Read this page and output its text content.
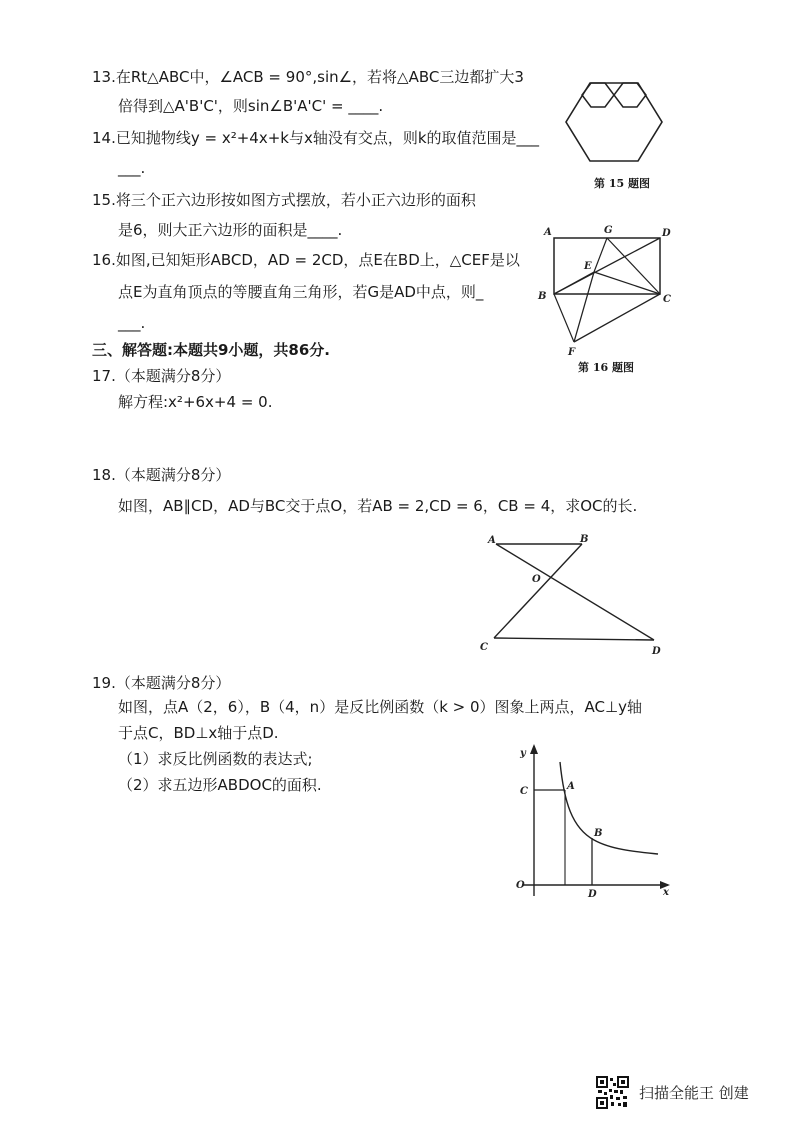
13.在Rt△ABC中，∠ACB = 90°,sin∠，若将△ABC三边都扩大3
倍得到△A'B'C'，则sin∠B'A'C' = ____.
14.已知抛物线y = x²+4x+k与x轴没有交点，则k的取值范围是___
___.
15.将三个正六边形按如图方式摆放，若小正六边形的面积
是6，则大正六边形的面积是____.
16.如图,已知矩形ABCD，AD = 2CD，点E在BD上，△CEF是以
点E为直角顶点的等腰直角三角形，若G是AD中点，则_
___.
三、解答题:本题共9小题，共86分.
17.（本题满分8分）
解方程:x²+6x+4 = 0.
18.（本题满分8分）
如图，AB∥CD，AD与BC交于点O，若AB = 2,CD = 6，CB = 4，求OC的长.
19.（本题满分8分）
如图，点A（2，6），B（4，n）是反比例函数（k > 0）图象上两点，AC⊥y轴
于点C，BD⊥x轴于点D.
（1）求反比例函数的表达式;
（2）求五边形ABDOC的面积.
第 15 题图
A	G	D
E
B	C
F
第 16 题图
A	B
O
C	D
y
C	A
B
O
D	x
扫描全能王 创建
